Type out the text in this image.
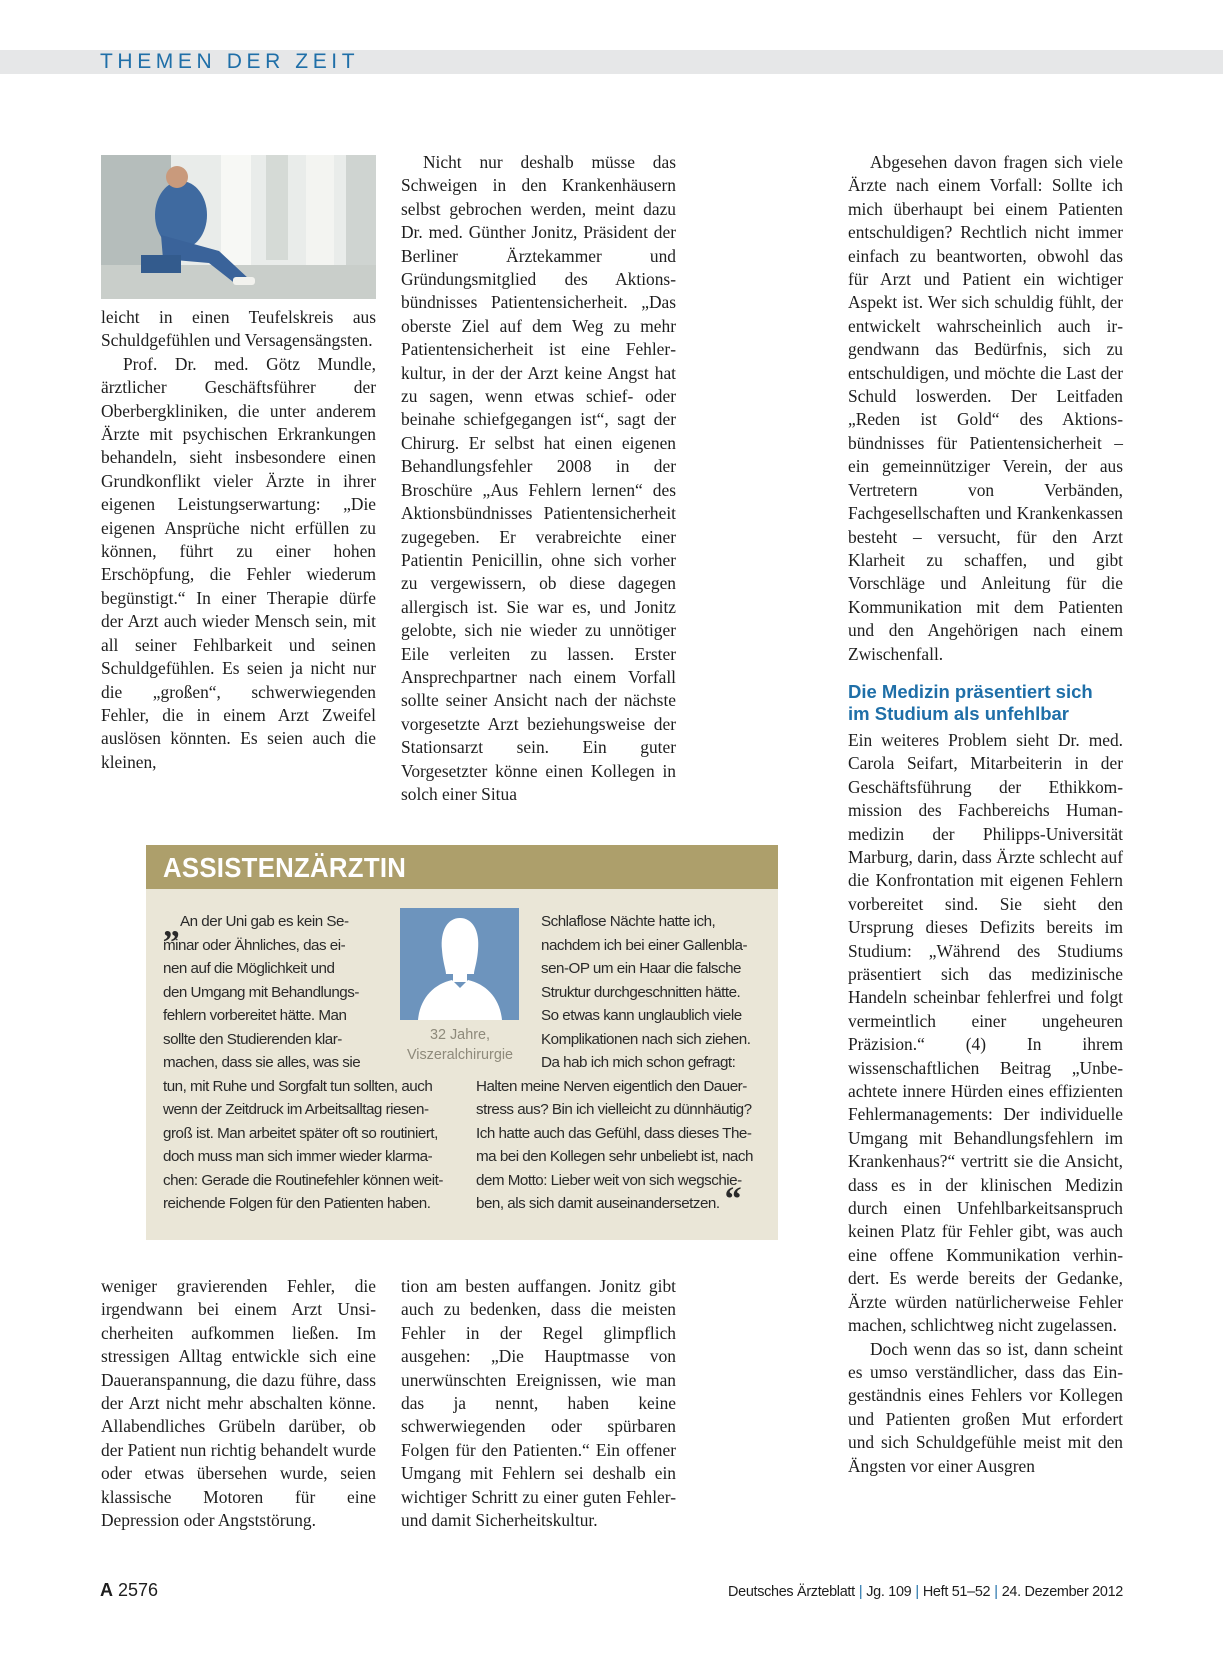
THEMEN DER ZEIT

leicht in einen Teufelskreis aus Schuldgefühlen und Versagensängsten.

Prof. Dr. med. Götz Mundle, ärztlicher Geschäftsführer der Oberbergkliniken, die unter anderem Ärzte mit psychischen Erkrankungen behandeln, sieht insbesondere einen Grundkonflikt vieler Ärzte in ihrer eigenen Leistungserwartung: „Die eigenen Ansprüche nicht erfüllen zu können, führt zu einer hohen Erschöpfung, die Fehler wiederum begünstigt.“ In einer Therapie dürfe der Arzt auch wieder Mensch sein, mit all seiner Fehlbarkeit und seinen Schuldgefühlen. Es seien ja nicht nur die „großen“, schwerwiegenden Fehler, die in einem Arzt Zweifel auslösen könnten. Es seien auch die kleinen,

Nicht nur deshalb müsse das Schweigen in den Krankenhäusern selbst gebrochen werden, meint dazu Dr. med. Günther Jonitz, Präsident der Berliner Ärztekammer und Gründungsmitglied des Aktionsbündnisses Patientensicherheit. „Das oberste Ziel auf dem Weg zu mehr Patientensicherheit ist eine Fehlerkultur, in der der Arzt keine Angst hat zu sagen, wenn etwas schief- oder beinahe schiefgegangen ist“, sagt der Chirurg. Er selbst hat einen eigenen Behandlungsfehler 2008 in der Broschüre „Aus Fehlern lernen“ des Aktionsbündnisses Patientensicherheit zugegeben. Er verabreichte einer Patientin Penicillin, ohne sich vorher zu vergewissern, ob diese dagegen allergisch ist. Sie war es, und Jonitz gelobte, sich nie wieder zu unnötiger Eile verleiten zu lassen. Erster Ansprechpartner nach einem Vorfall sollte seiner Ansicht nach der nächste vorgesetzte Arzt beziehungsweise der Stationsarzt sein. Ein guter Vorgesetzter könne einen Kollegen in solch einer Situa

Abgesehen davon fragen sich viele Ärzte nach einem Vorfall: Sollte ich mich überhaupt bei einem Patienten entschuldigen? Rechtlich nicht immer einfach zu beantworten, obwohl das für Arzt und Patient ein wichtiger Aspekt ist. Wer sich schuldig fühlt, der entwickelt wahrscheinlich auch irgendwann das Bedürfnis, sich zu entschuldigen, und möchte die Last der Schuld loswerden. Der Leitfaden „Reden ist Gold“ des Aktionsbündnisses für Patientensicherheit – ein gemeinnütziger Verein, der aus Vertretern von Verbänden, Fachgesellschaften und Krankenkassen besteht – versucht, für den Arzt Klarheit zu schaffen, und gibt Vorschläge und Anleitung für die Kommunikation mit dem Patienten und den Angehörigen nach einem Zwischenfall.

Die Medizin präsentiert sich
im Studium als unfehlbar

Ein weiteres Problem sieht Dr. med. Carola Seifart, Mitarbeiterin in der Geschäftsführung der Ethikkommission des Fachbereichs Humanmedizin der Philipps-Universität Marburg, darin, dass Ärzte schlecht auf die Konfrontation mit eigenen Fehlern vorbereitet sind. Sie sieht den Ursprung dieses Defizits bereits im Studium: „Während des Studiums präsentiert sich das medizinische Handeln scheinbar fehlerfrei und folgt vermeintlich einer ungeheuren Präzision.“ (4) In ihrem wissenschaftlichen Beitrag „Unbeachtete innere Hürden eines effizienten Fehlermanagements: Der individuelle Umgang mit Behandlungsfehlern im Krankenhaus?“ vertritt sie die Ansicht, dass es in der klinischen Medizin durch einen Unfehlbarkeitsanspruch keinen Platz für Fehler gibt, was auch eine offene Kommunikation verhindert. Es werde bereits der Gedanke, Ärzte würden natürlicherweise Fehler machen, schlichtweg nicht zugelassen.

Doch wenn das so ist, dann scheint es umso verständlicher, dass das Eingeständnis eines Fehlers vor Kollegen und Patienten großen Mut erfordert und sich Schuldgefühle meist mit den Ängsten vor einer Ausgren

ASSISTENZÄRZTIN
„ An der Uni gab es kein Se-
minar oder Ähnliches, das ei-
nen auf die Möglichkeit und
den Umgang mit Behandlungs-
fehlern vorbereitet hätte. Man
sollte den Studierenden klar-
machen, dass sie alles, was sie
tun, mit Ruhe und Sorgfalt tun sollten, auch
wenn der Zeitdruck im Arbeitsalltag riesen-
groß ist. Man arbeitet später oft so routiniert,
doch muss man sich immer wieder klarma-
chen: Gerade die Routinefehler können weit-
reichende Folgen für den Patienten haben.
32 Jahre,
Viszeralchirurgie
Schlaflose Nächte hatte ich,
nachdem ich bei einer Gallenbla-
sen-OP um ein Haar die falsche
Struktur durchgeschnitten hätte.
So etwas kann unglaublich viele
Komplikationen nach sich ziehen.
Da hab ich mich schon gefragt:
Halten meine Nerven eigentlich den Dauer-
stress aus? Bin ich vielleicht zu dünnhäutig?
Ich hatte auch das Gefühl, dass dieses The-
ma bei den Kollegen sehr unbeliebt ist, nach
dem Motto: Lieber weit von sich wegschie-
ben, als sich damit auseinandersetzen. “

weniger gravierenden Fehler, die irgendwann bei einem Arzt Unsicherheiten aufkommen ließen. Im stressigen Alltag entwickle sich eine Daueranspannung, die dazu führe, dass der Arzt nicht mehr abschalten könne. Allabendliches Grübeln darüber, ob der Patient nun richtig behandelt wurde oder etwas übersehen wurde, seien klassische Motoren für eine Depression oder Angststörung.

tion am besten auffangen. Jonitz gibt auch zu bedenken, dass die meisten Fehler in der Regel glimpflich ausgehen: „Die Hauptmasse von unerwünschten Ereignissen, wie man das ja nennt, haben keine schwerwiegenden oder spürbaren Folgen für den Patienten.“ Ein offener Umgang mit Fehlern sei deshalb ein wichtiger Schritt zu einer guten Fehler- und damit Sicherheitskultur.

A 2576	Deutsches Ärzteblatt | Jg. 109 | Heft 51–52 | 24. Dezember 2012
